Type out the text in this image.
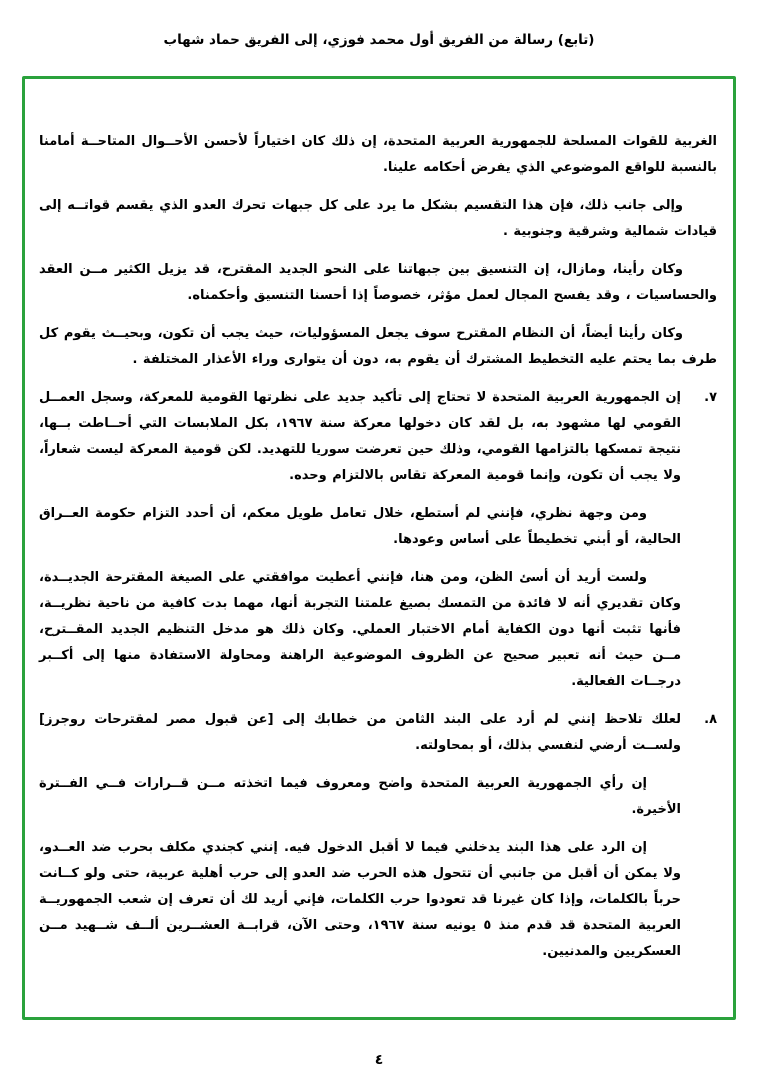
(تابع) رسالة من الفريق أول محمد فوزي، إلى الفريق حماد شهاب

الغربية للقوات المسلحة للجمهورية العربية المتحدة، إن ذلك كان اختياراً لأحسن الأحــوال المتاحــة أمامنا بالنسبة للواقع الموضوعي الذي يفرض أحكامه علينا.

وإلى جانب ذلك، فإن هذا التقسيم بشكل ما يرد على كل جبهات تحرك العدو الذي يقسم قواتــه إلى قيادات شمالية وشرقية وجنوبية .

وكان رأينا، ومازال، إن التنسيق بين جبهاتنا على النحو الجديد المقترح، قد يزيل الكثير مــن العقد والحساسيات ، وقد يفسح المجال لعمل مؤثر، خصوصاً إذا أحسنا التنسيق وأحكمناه.

وكان رأينا أيضاً، أن النظام المقترح سوف يجعل المسؤوليات، حيث يجب أن تكون، وبحيــث يقوم كل طرف بما يحتم عليه التخطيط المشترك أن يقوم به، دون أن يتوارى وراء الأعذار المختلفة .

٧.

إن الجمهورية العربية المتحدة لا تحتاج إلى تأكيد جديد على نظرتها القومية للمعركة، وسجل العمــل القومي لها مشهود به، بل لقد كان دخولها معركة سنة ١٩٦٧، بكل الملابسات التي أحــاطت بــها، نتيجة تمسكها بالتزامها القومي، وذلك حين تعرضت سوريا للتهديد. لكن قومية المعركة ليست شعاراً، ولا يجب أن تكون، وإنما قومية المعركة تقاس بالالتزام وحده.

ومن وجهة نظري، فإنني لم أستطع، خلال تعامل طويل معكم، أن أحدد التزام حكومة العــراق الحالية، أو أبني تخطيطاً على أساس وعودها.

ولست أريد أن أسئ الظن، ومن هنا، فإنني أعطيت موافقتي على الصيغة المقترحة الجديــدة، وكان تقديري أنه لا فائدة من التمسك بصيغ علمتنا التجربة أنها، مهما بدت كافية من ناحية نظريــة، فأنها تثبت أنها دون الكفاية أمام الاختبار العملي. وكان ذلك هو مدخل التنظيم الجديد المقــترح، مــن حيث أنه تعبير صحيح عن الظروف الموضوعية الراهنة ومحاولة الاستفادة منها إلى أكــبر درجــات الفعالية.

٨.

لعلك تلاحظ إنني لم أرد على البند الثامن من خطابك إلى [عن قبول مصر لمقترحات روجرز] ولســت أرضي لنفسي بذلك، أو بمحاولته.

إن رأي الجمهورية العربية المتحدة واضح ومعروف فيما اتخذته مــن قــرارات فــي الفــترة الأخيرة.

إن الرد على هذا البند يدخلني فيما لا أقبل الدخول فيه. إنني كجندي مكلف بحرب ضد العــدو، ولا يمكن أن أقبل من جانبي أن تتحول هذه الحرب ضد العدو إلى حرب أهلية عربية، حتى ولو كــانت حرباً بالكلمات، وإذا كان غيرنا قد تعودوا حرب الكلمات، فإني أريد لك أن تعرف إن شعب الجمهوريــة العربية المتحدة قد قدم منذ ٥ يونيه سنة ١٩٦٧، وحتى الآن، قرابــة العشــرين ألــف شــهيد مــن العسكريين والمدنيين.

٤
